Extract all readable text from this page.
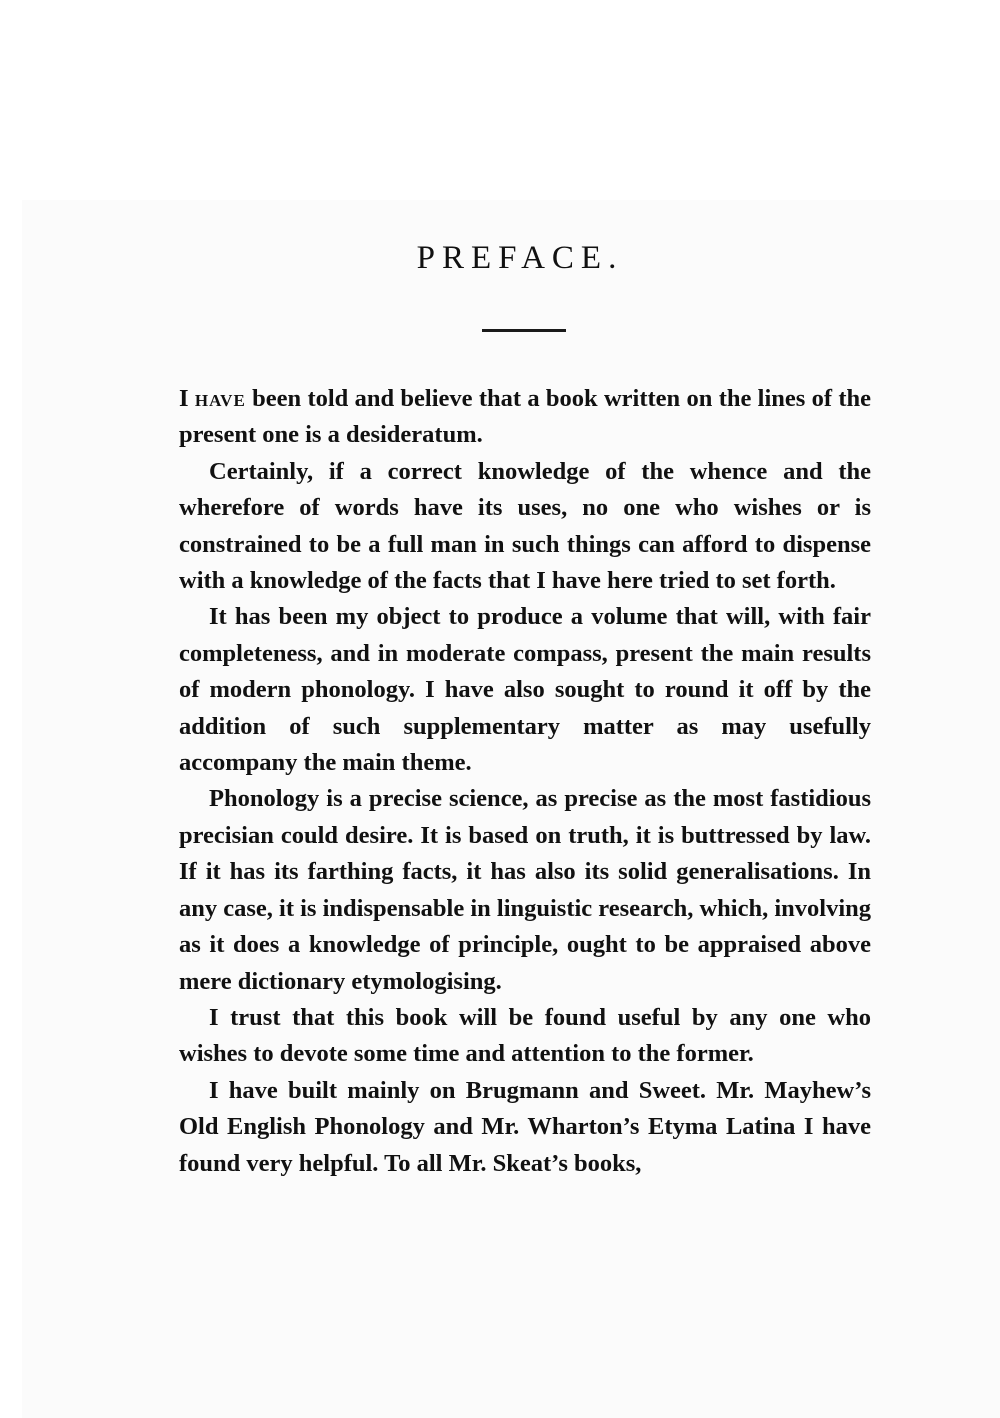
PREFACE.

I have been told and believe that a book written on the lines of the present one is a desideratum.

Certainly, if a correct knowledge of the whence and the wherefore of words have its uses, no one who wishes or is constrained to be a full man in such things can afford to dispense with a knowledge of the facts that I have here tried to set forth.

It has been my object to produce a volume that will, with fair completeness, and in moderate compass, present the main results of modern phonology. I have also sought to round it off by the addition of such supplementary matter as may usefully accompany the main theme.

Phonology is a precise science, as precise as the most fastidious precisian could desire. It is based on truth, it is buttressed by law. If it has its farthing facts, it has also its solid generalisations. In any case, it is indispensable in linguistic research, which, involving as it does a knowledge of principle, ought to be appraised above mere dictionary etymologising.

I trust that this book will be found useful by any one who wishes to devote some time and attention to the former.

I have built mainly on Brugmann and Sweet. Mr. Mayhew’s Old English Phonology and Mr. Wharton’s Etyma Latina I have found very helpful. To all Mr. Skeat’s books,
